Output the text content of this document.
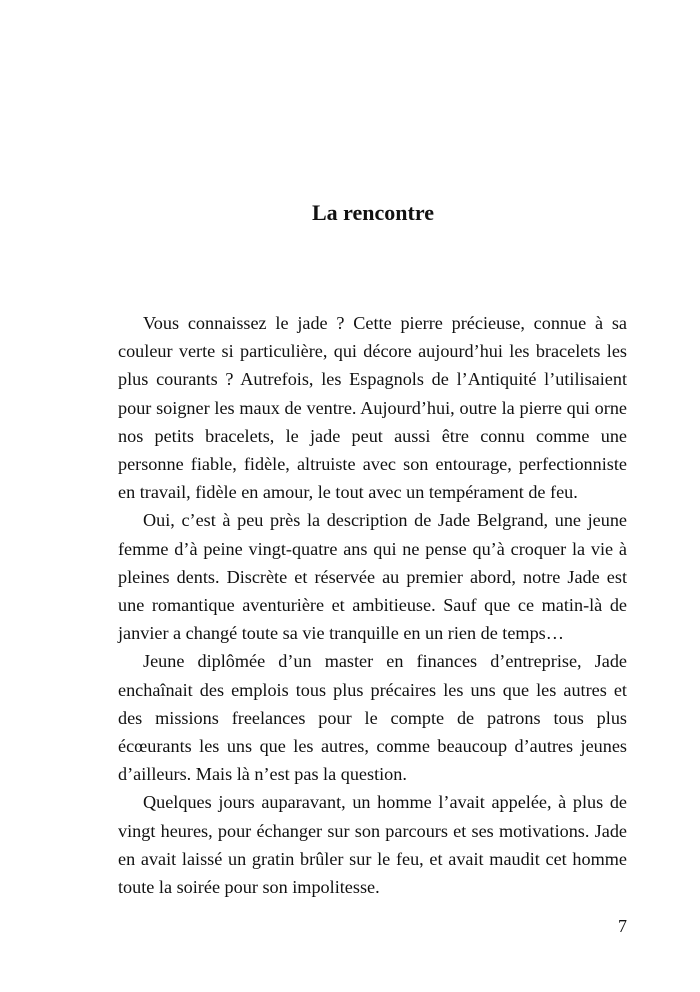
La rencontre

Vous connaissez le jade ? Cette pierre précieuse, connue à sa couleur verte si particulière, qui décore aujourd’hui les bracelets les plus courants ? Autrefois, les Espagnols de l’Antiquité l’utilisaient pour soigner les maux de ventre. Aujourd’hui, outre la pierre qui orne nos petits bracelets, le jade peut aussi être connu comme une personne fiable, fidèle, altruiste avec son entourage, perfectionniste en travail, fidèle en amour, le tout avec un tempérament de feu.

Oui, c’est à peu près la description de Jade Belgrand, une jeune femme d’à peine vingt-quatre ans qui ne pense qu’à croquer la vie à pleines dents. Discrète et réservée au premier abord, notre Jade est une romantique aventurière et ambitieuse. Sauf que ce matin-là de janvier a changé toute sa vie tranquille en un rien de temps…

Jeune diplômée d’un master en finances d’entreprise, Jade enchaînait des emplois tous plus précaires les uns que les autres et des missions freelances pour le compte de patrons tous plus écœurants les uns que les autres, comme beaucoup d’autres jeunes d’ailleurs. Mais là n’est pas la question.

Quelques jours auparavant, un homme l’avait appelée, à plus de vingt heures, pour échanger sur son parcours et ses motivations. Jade en avait laissé un gratin brûler sur le feu, et avait maudit cet homme toute la soirée pour son impolitesse.

7
